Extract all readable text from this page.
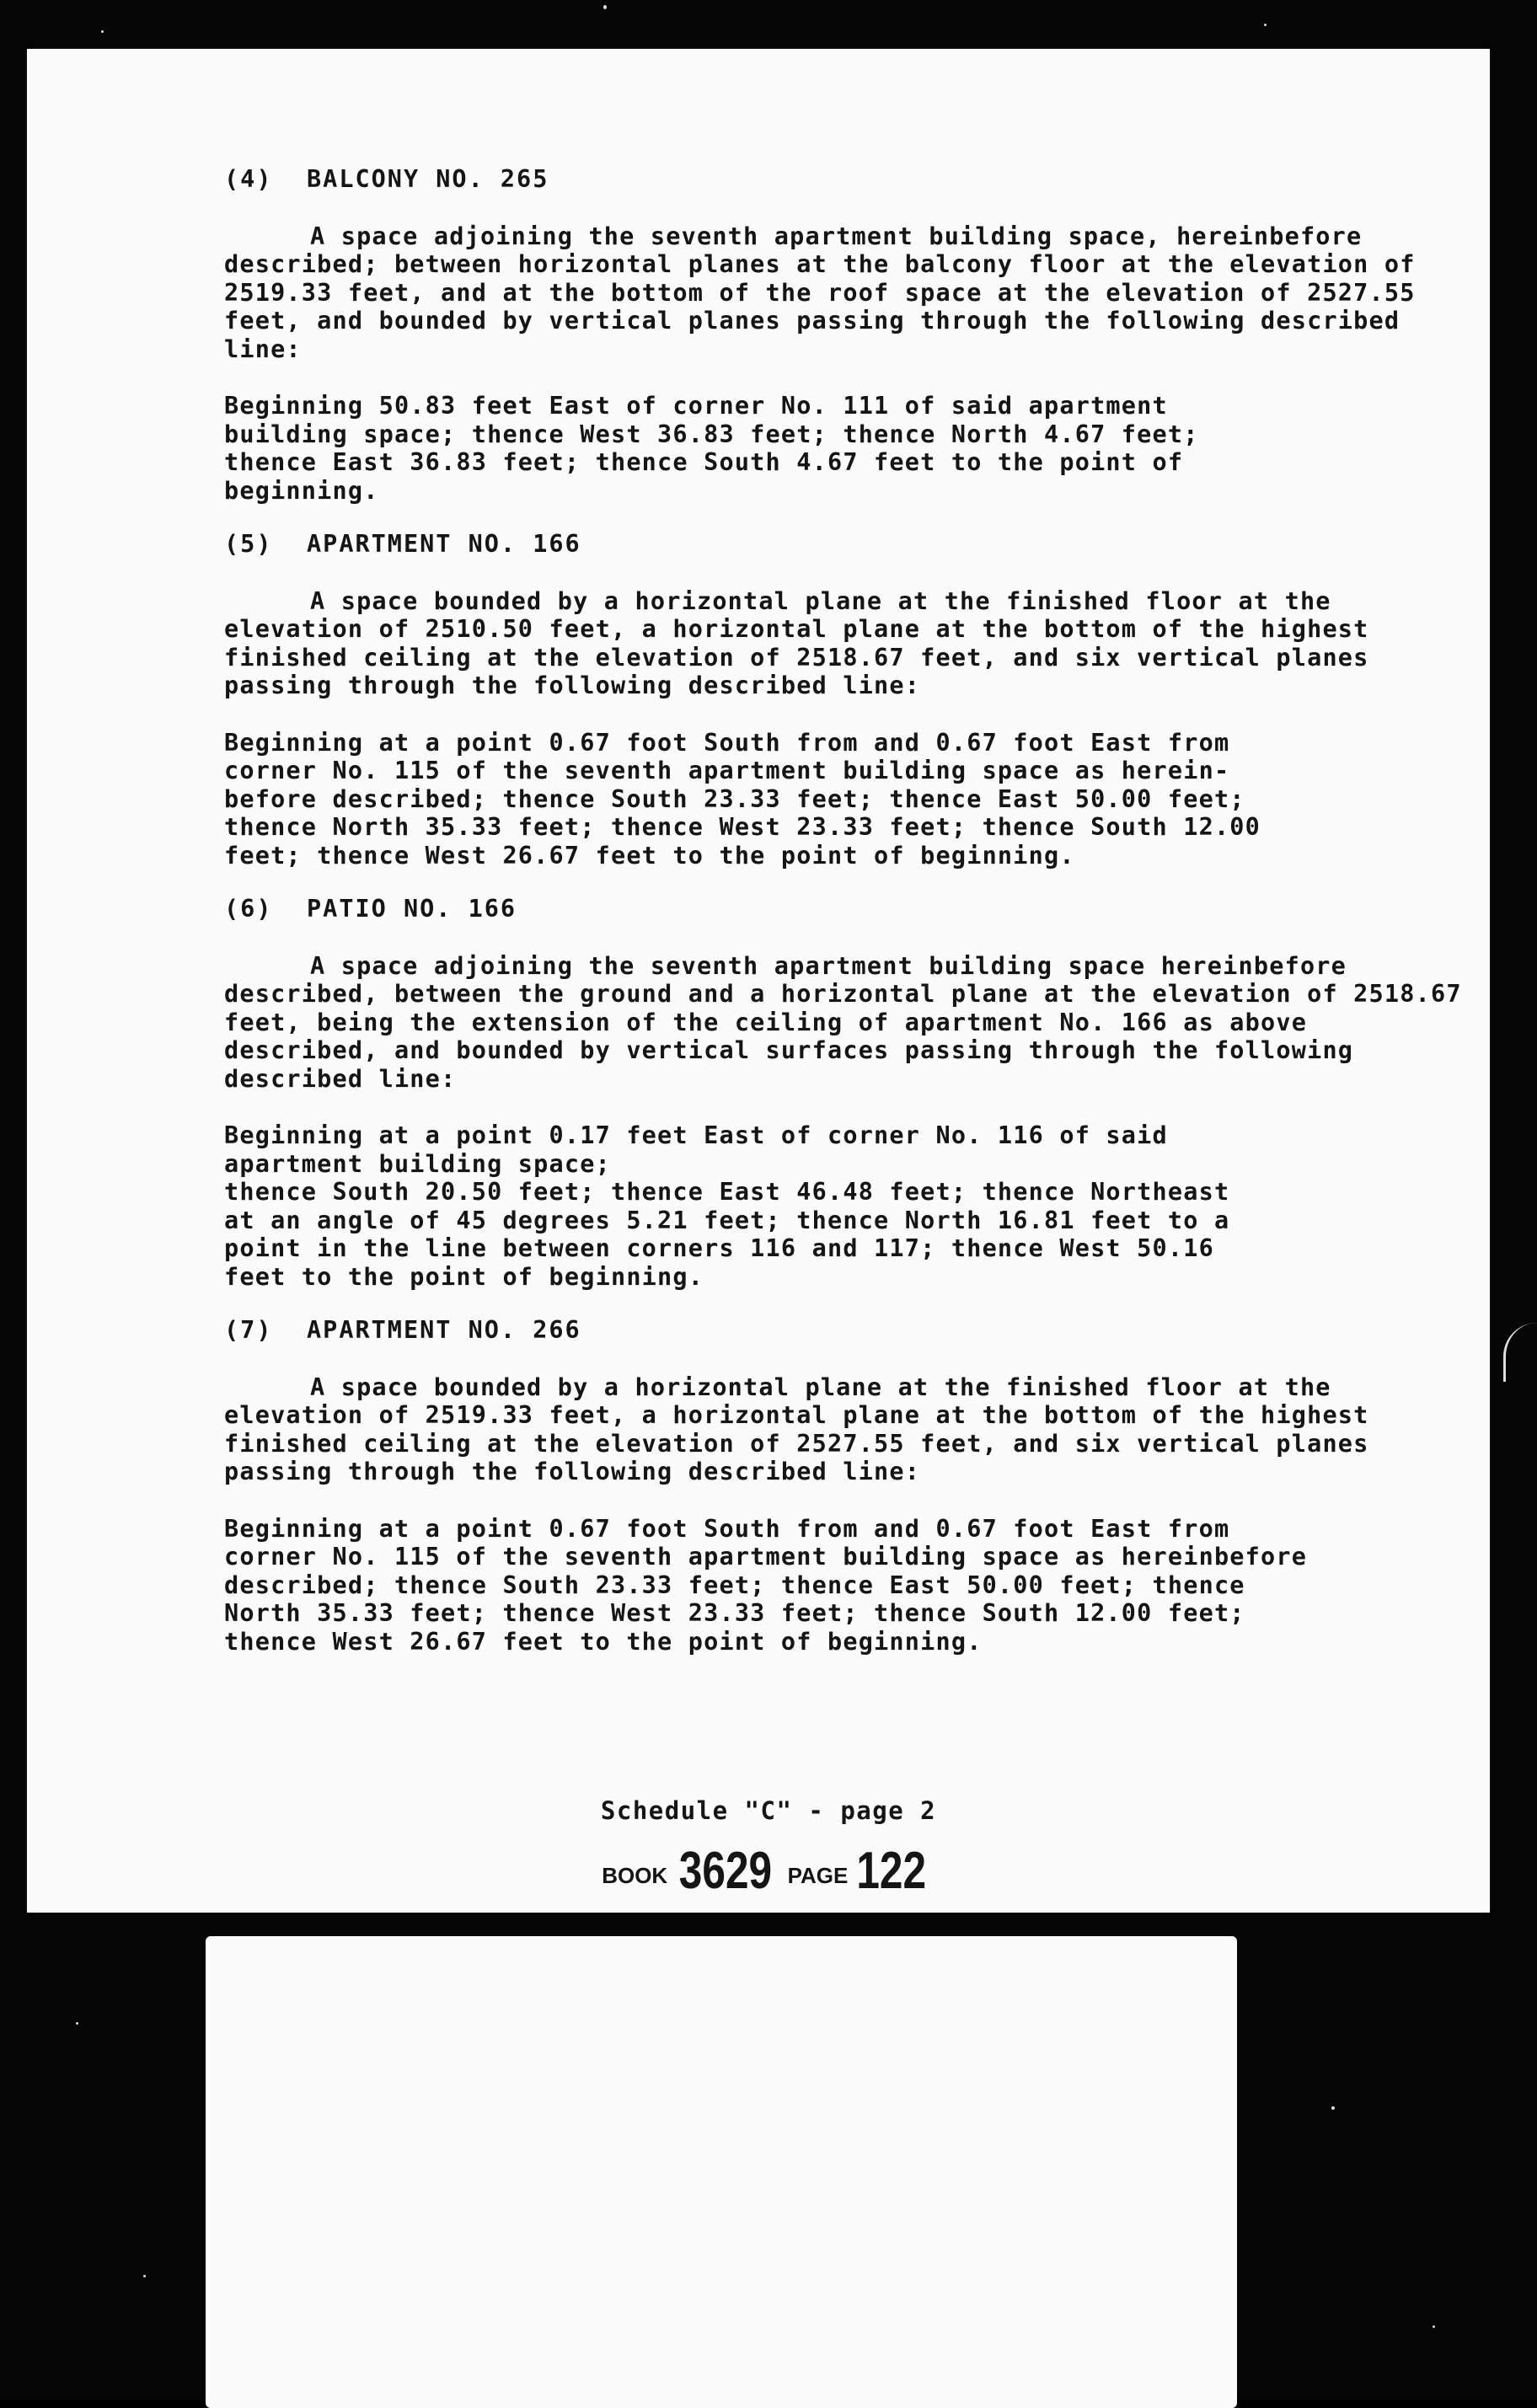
(4) BALCONY NO. 265
A space adjoining the seventh apartment building space, hereinbefore described; between horizontal planes at the balcony floor at the elevation of 2519.33 feet, and at the bottom of the roof space at the elevation of 2527.55 feet, and bounded by vertical planes passing through the following described line:
Beginning 50.83 feet East of corner No. 111 of said apartment
building space; thence West 36.83 feet; thence North 4.67 feet;
thence East 36.83 feet; thence South 4.67 feet to the point of
beginning.
(5) APARTMENT NO. 166
A space bounded by a horizontal plane at the finished floor at the elevation of 2510.50 feet, a horizontal plane at the bottom of the highest finished ceiling at the elevation of 2518.67 feet, and six vertical planes passing through the following described line:
Beginning at a point 0.67 foot South from and 0.67 foot East from
corner No. 115 of the seventh apartment building space as herein-
before described; thence South 23.33 feet; thence East 50.00 feet;
thence North 35.33 feet; thence West 23.33 feet; thence South 12.00
feet; thence West 26.67 feet to the point of beginning.
(6) PATIO NO. 166
A space adjoining the seventh apartment building space hereinbefore described, between the ground and a horizontal plane at the elevation of 2518.67 feet, being the extension of the ceiling of apartment No. 166 as above described, and bounded by vertical surfaces passing through the following described line:
Beginning at a point 0.17 feet East of corner No. 116 of said
apartment building space;
thence South 20.50 feet; thence East 46.48 feet; thence Northeast
at an angle of 45 degrees 5.21 feet; thence North 16.81 feet to a
point in the line between corners 116 and 117; thence West 50.16
feet to the point of beginning.
(7) APARTMENT NO. 266
A space bounded by a horizontal plane at the finished floor at the elevation of 2519.33 feet, a horizontal plane at the bottom of the highest finished ceiling at the elevation of 2527.55 feet, and six vertical planes passing through the following described line:
Beginning at a point 0.67 foot South from and 0.67 foot East from
corner No. 115 of the seventh apartment building space as hereinbefore
described; thence South 23.33 feet; thence East 50.00 feet; thence
North 35.33 feet; thence West 23.33 feet; thence South 12.00 feet;
thence West 26.67 feet to the point of beginning.
Schedule "C" - page 2
BOOK 3629 PAGE 122
